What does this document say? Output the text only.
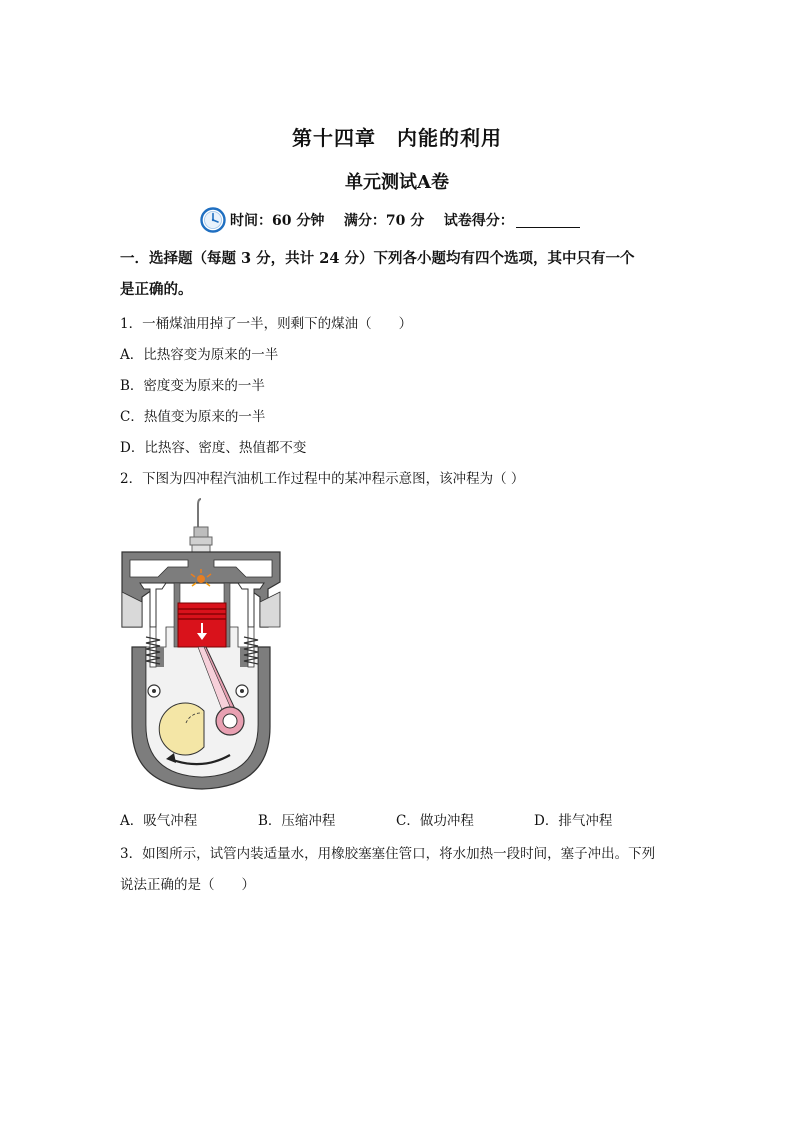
第十四章　内能的利用
单元测试A卷
时间：60 分钟
满分：70 分
试卷得分：
一．选择题（每题 3 分，共计 24 分）下列各小题均有四个选项，其中只有一个
是正确的。
1．一桶煤油用掉了一半，则剩下的煤油（　　）
A．比热容变为原来的一半
B．密度变为原来的一半
C．热值变为原来的一半
D．比热容、密度、热值都不变
2．下图为四冲程汽油机工作过程中的某冲程示意图，该冲程为（ ）
A．吸气冲程	B．压缩冲程	C．做功冲程	D．排气冲程
3．如图所示，试管内装适量水，用橡胶塞塞住管口，将水加热一段时间，塞子冲出。下列
说法正确的是（　　）
